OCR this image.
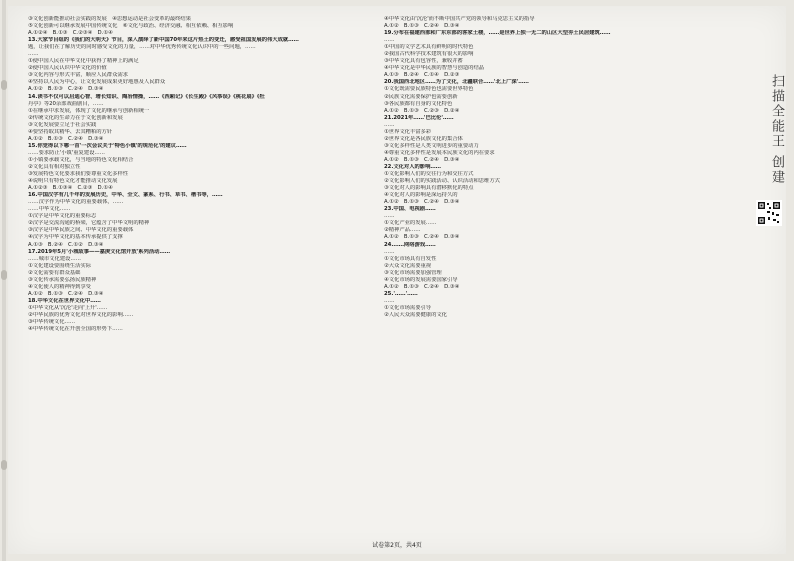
③文化创新能推动社会实践的发展　④思想运动是社会变革的最终结果

⑤文化创新可以继承发展中国传统文化　⑥文化与政治、经济交融、相互依赖、相互影响

A.①②④　B.①③　C.②③④　D.①④

13.大家节目组的《我们的大明天》节目，深入演绎了新中国70年来这片热土的变迁，感受祖国发展的伟大成就……

题，让我们在了解历史的同时感受文化的力量，……对中华优秀传统文化认识中的一些问题，……

……

①使中国人民在中华文化中获得了精神上的满足

②使中国人民认识中华文化的价值

③文化内容与形式丰富，顺应人民群众需求

④坚持以人民为中心，让文化发展成果更好地惠及人民群众

A.①②　B.①③　C.②④　D.③④

14.读书不仅可以启迪心智、增长知识、陶冶情操，……《西厢记》《长生殿》《风筝误》《桃花扇》《牡

丹亭》等20余部戏曲剧目，……

①在继承中求发展，体现了文化的继承与创新相统一

②传统文化的生命力在于文化创新和发展

③文化发展要立足于社会实践

④要坚持取其精华、去其糟粕的方针

A.①②　B.①③　C.②④　D.③④

15.你觉得以下哪一首'一次会议关于'特色小镇'的规范化'的建议……

……要求防止'小镇'重复建设……

①小镇要承载文化，与当地的特色文化相结合

②文化具有相对独立性

③发展特色文化要求我们要尊重文化多样性

④说明只有特色文化才能推动文化发展

A.①②③　B.①③④　C.②③　D.①④

16.中国汉字有几千年的发展历史，中华、全文、篆系、行书、草书、楷书等，……

……汉字作为中华文化的重要载体，……

……中华文化……

①汉字是中华文化的重要标志

②汉字是交流沟通的桥梁，它蕴含了中华文明的精神

③汉字是中华民族之间、中华文化的重要载体

④汉字为中华文化的基本传承提供了支撑

A.①③　B.②④　C.①②　D.③④

17.2019年5月'小城故事——嘉庚文化馆开放'系列活动……

……城市文化建设……

①文化建设要围绕生活实际

②文化需要有群众基础

③文化传承需要弘扬民族精神

④文化使人的精神得到享受

A.①②　B.①③　C.②④　D.③④

18.中华文化在世界文化中……

①中华文化从'沉沦'走向'上升'……

②中华民族的优秀文化对世界文化的影响……

③中华传统文化……

④中华传统文化在开创全国的形势下……

④中华文化由'沉沦'而不断中国共产党的领导和马克思主义的指导

A.①②　B.①③　C.②④　D.③④

19.分布在福建西部和广东东部的客家土楼，……是世界上独一无二的山区大型夯土民居建筑……

……

①中国的文学艺术具有鲜明的时代特色

②我国古代科学技术建筑有很大的影响

③中华文化具有包容性，兼收并蓄

④中华文化是中华民族的智慧与创造的结晶

A.①③　B.②④　C.①④　D.②③

20.我国西北地区……为了文化，北疆联合……'北上广深'……

①文化既需要民族特色也需要世界特色

②民族文化需要保护也需要创新

③各民族都有自身的文化特色

A.①②　B.①③　C.②③　D.②④

21.2021年……'巴比伦'……

……

①世界文化丰富多彩

②世界文化是各民族文化的集合体

③文化多样性是人类文明进步的重要动力

④尊重文化多样性是发展本民族文化的内在要求

A.①②　B.①③　C.②④　D.③④

22.文化对人的影响……

①文化影响人们的交往行为和交往方式

②文化影响人们的实践活动、认识活动和思维方式

③文化对人的影响具有潜移默化的特点

④文化对人的影响是深远持久的

A.①②　B.①③　C.②④　D.③④

23.中国、电视剧……

……

①文化产业的发展……

②精神产品……

A.①②　B.①③　C.②④　D.③④

24.……网络游戏……

……

①文化市场具有自发性

②大众文化需要重视

③文化市场需要加强管理

④文化市场的发展需要国家引导

A.①②　B.①③　C.②④　D.③④

25.'……'……

……

①文化市场需要引导

②人民大众需要健康的文化

试卷第2页，共4页
扫描全能王 创建
